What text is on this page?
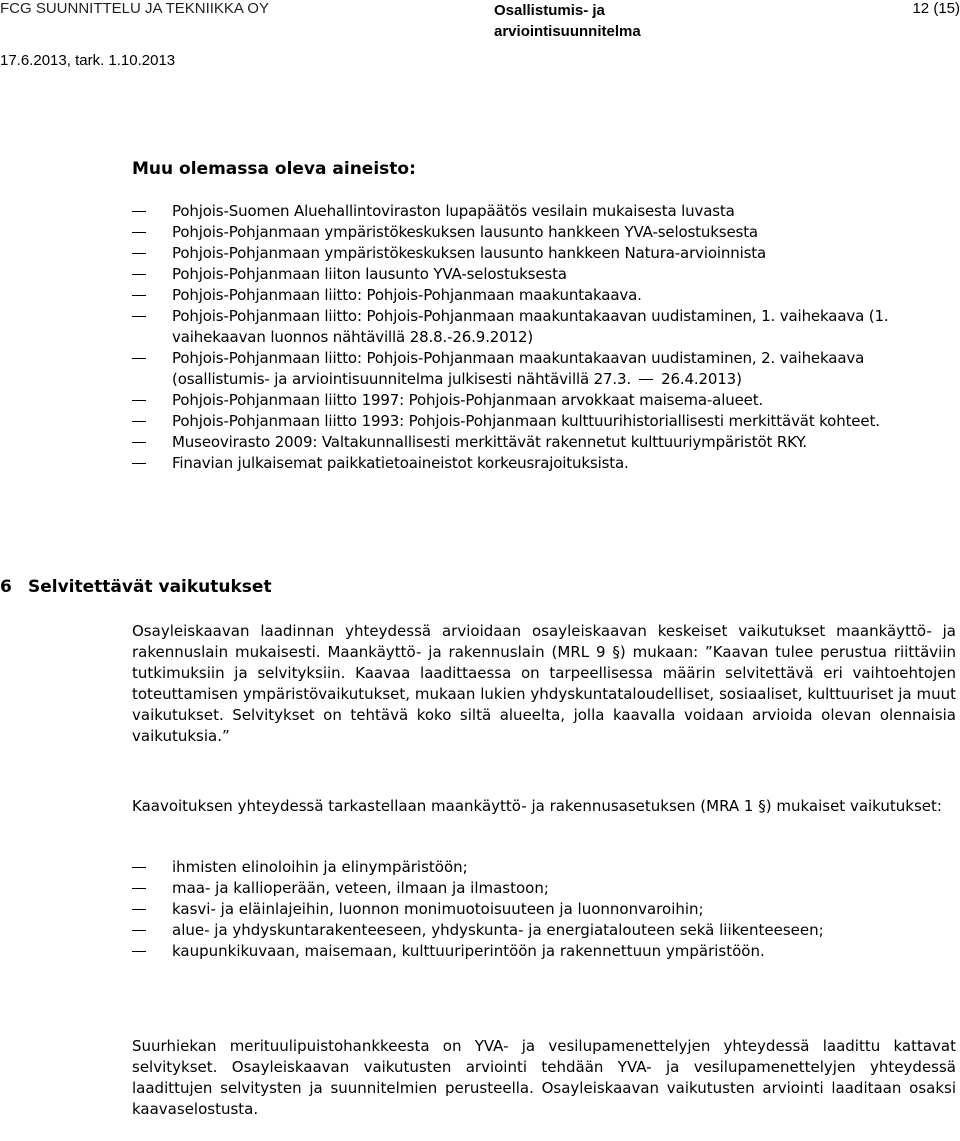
FCG SUUNNITTELU JA TEKNIIKKA OY	Osallistumis- ja arviointisuunnitelma
12 (15)
17.6.2013, tark. 1.10.2013
Muu olemassa oleva aineisto:
Pohjois-Suomen Aluehallintoviraston lupapäätös vesilain mukaisesta luvasta
Pohjois-Pohjanmaan ympäristökeskuksen lausunto hankkeen YVA-selostuksesta
Pohjois-Pohjanmaan ympäristökeskuksen lausunto hankkeen Natura-arvioinnista
Pohjois-Pohjanmaan liiton lausunto YVA-selostuksesta
Pohjois-Pohjanmaan liitto: Pohjois-Pohjanmaan maakuntakaava.
Pohjois-Pohjanmaan liitto: Pohjois-Pohjanmaan maakuntakaavan uudistaminen, 1. vaihekaava (1. vaihekaavan luonnos nähtävillä 28.8.-26.9.2012)
Pohjois-Pohjanmaan liitto: Pohjois-Pohjanmaan maakuntakaavan uudistaminen, 2. vaihekaava (osallistumis- ja arviointisuunnitelma julkisesti nähtävillä 27.3. 26.4.2013)
Pohjois-Pohjanmaan liitto 1997: Pohjois-Pohjanmaan arvokkaat maisema-alueet.
Pohjois-Pohjanmaan liitto 1993: Pohjois-Pohjanmaan kulttuurihistoriallisesti merkittävät kohteet.
Museovirasto 2009: Valtakunnallisesti merkittävät rakennetut kulttuuriympäristöt RKY.
Finavian julkaisemat paikkatietoaineistot korkeusrajoituksista.
6 Selvitettävät vaikutukset
Osayleiskaavan laadinnan yhteydessä arvioidaan osayleiskaavan keskeiset vaikutukset maankäyttö- ja rakennuslain mukaisesti. Maankäyttö- ja rakennuslain (MRL 9 §) mukaan: ”Kaavan tulee perustua riittäviin tutkimuksiin ja selvityksiin. Kaavaa laadittaessa on tarpeellisessa määrin selvitettävä eri vaihtoehtojen toteuttamisen ympäristövaikutukset, mukaan lukien yhdyskuntataloudelliset, sosiaaliset, kulttuuriset ja muut vaikutukset. Selvitykset on tehtävä koko siltä alueelta, jolla kaavalla voidaan arvioida olevan olennaisia vaikutuksia.”
Kaavoituksen yhteydessä tarkastellaan maankäyttö- ja rakennusasetuksen (MRA 1 §) mukaiset vaikutukset:
ihmisten elinoloihin ja elinympäristöön;
maa- ja kallioperään, veteen, ilmaan ja ilmastoon;
kasvi- ja eläinlajeihin, luonnon monimuotoisuuteen ja luonnonvaroihin;
alue- ja yhdyskuntarakenteeseen, yhdyskunta- ja energiatalouteen sekä liikenteeseen;
kaupunkikuvaan, maisemaan, kulttuuriperintöön ja rakennettuun ympäristöön.
Suurhiekan merituulipuistohankkeesta on YVA- ja vesilupamenettelyjen yhteydessä laadittu kattavat selvitykset. Osayleiskaavan vaikutusten arviointi tehdään YVA- ja vesilupamenettelyjen yhteydessä laadittujen selvitysten ja suunnitelmien perusteella. Osayleiskaavan vaikutusten arviointi laaditaan osaksi kaavaselostusta.
